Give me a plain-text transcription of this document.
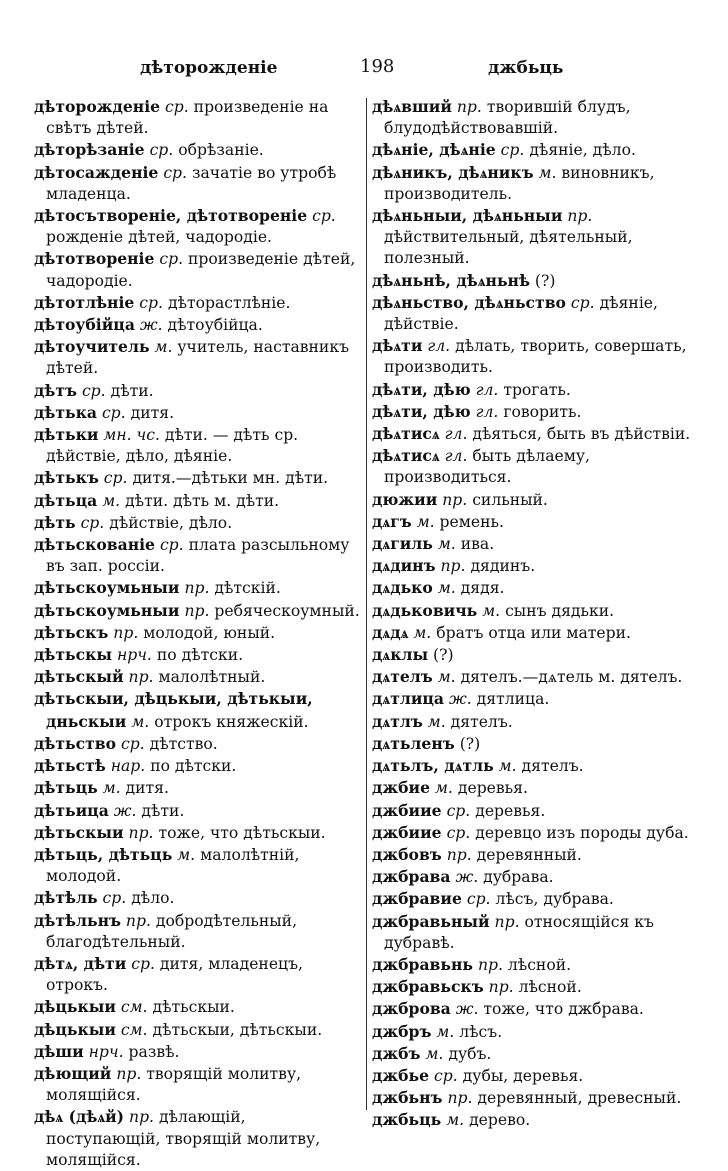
дѣторожденіе	198	джбьць

дѣторожденіе ср. произведеніе на свѣтъ дѣтей.

дѣторѣзаніе ср. обрѣзаніе.

дѣтосажденіе ср. зачатіе во утробѣ младенца.

дѣтосътвореніе, дѣтотвореніе ср. рожденіе дѣтей, чадородіе.

дѣтотвореніе ср. произведеніе дѣтей, чадородіе.

дѣтотлѣніе ср. дѣторастлѣніе.

дѣтоубійца ж. дѣтоубійца.

дѣтоучитель м. учитель, наставникъ дѣтей.

дѣтъ ср. дѣти.

дѣтька ср. дитя.

дѣтьки мн. чс. дѣти. — дѣть ср. дѣйствіе, дѣло, дѣяніе.

дѣтькъ ср. дитя.—дѣтьки мн. дѣти.

дѣтьца м. дѣти. дѣть м. дѣти.

дѣть ср. дѣйствіе, дѣло.

дѣтьскованіе ср. плата разсыльному въ зап. россіи.

дѣтьскоумьныи пр. дѣтскій.

дѣтьскоумьныи пр. ребяческоумный.

дѣтьскъ пр. молодой, юный.

дѣтьскы нрч. по дѣтски.

дѣтьскый пр. малолѣтный.

дѣтьскыи, дѣцькыи, дѣтькыи, дньскыи м. отрокъ княжескій.

дѣтьство ср. дѣтство.

дѣтьстѣ нар. по дѣтски.

дѣтьць м. дитя.

дѣтьица ж. дѣти.

дѣтьскыи пр. тоже, что дѣтьскыи.

дѣтьць, дѣтьць м. малолѣтній, молодой.

дѣтѣль ср. дѣло.

дѣтѣльнъ пр. добродѣтельный, благодѣтельный.

дѣтѧ, дѣти ср. дитя, младенецъ, отрокъ.

дѣцькыи см. дѣтьскыи.

дѣцькыи см. дѣтьскыи, дѣтьскыи.

дѣши нрч. развѣ.

дѣющий пр. творящій молитву, молящійся.

дѣѧ (дѣѧй) пр. дѣлающій, поступающій, творящій молитву, молящійся.

дѣѧвший пр. творившій блудъ, блудодѣйствовавшій.

дѣѧніе, дѣѧніе ср. дѣяніе, дѣло.

дѣѧникъ, дѣѧникъ м. виновникъ, производитель.

дѣѧньныи, дѣѧньныи пр. дѣйствительный, дѣятельный, полезный.

дѣѧньнѣ, дѣѧньнѣ (?)

дѣѧньство, дѣѧньство ср. дѣяніе, дѣйствіе.

дѣѧти гл. дѣлать, творить, совершать, производить.

дѣѧти, дѣю гл. трогать.

дѣѧти, дѣю гл. говорить.

дѣѧтисѧ гл. дѣяться, быть въ дѣйствіи.

дѣѧтисѧ гл. быть дѣлаему, производиться.

дюжии пр. сильный.

дѧгъ м. ремень.

дѧгиль м. ива.

дѧдинъ пр. дядинъ.

дѧдько м. дядя.

дѧдьковичь м. сынъ дядьки.

дѧдѧ м. братъ отца или матери.

дѧклы (?)

дѧтелъ м. дятелъ.—дѧтель м. дятелъ.

дѧтлица ж. дятлица.

дѧтлъ м. дятелъ.

дѧтьленъ (?)

дѧтьлъ, дѧтль м. дятелъ.

джбие м. деревья.

джбиие ср. деревья.

джбиие ср. деревцо изъ породы дуба.

джбовъ пр. деревянный.

джбрава ж. дубрава.

джбравие ср. лѣсъ, дубрава.

джбравьный пр. относящійся къ дубравѣ.

джбравьнь пр. лѣсной.

джбравьскъ пр. лѣсной.

джброва ж. тоже, что джбрава.

джбръ м. лѣсъ.

джбъ м. дубъ.

джбье ср. дубы, деревья.

джбьнъ пр. деревянный, древесный.

джбьць м. дерево.
